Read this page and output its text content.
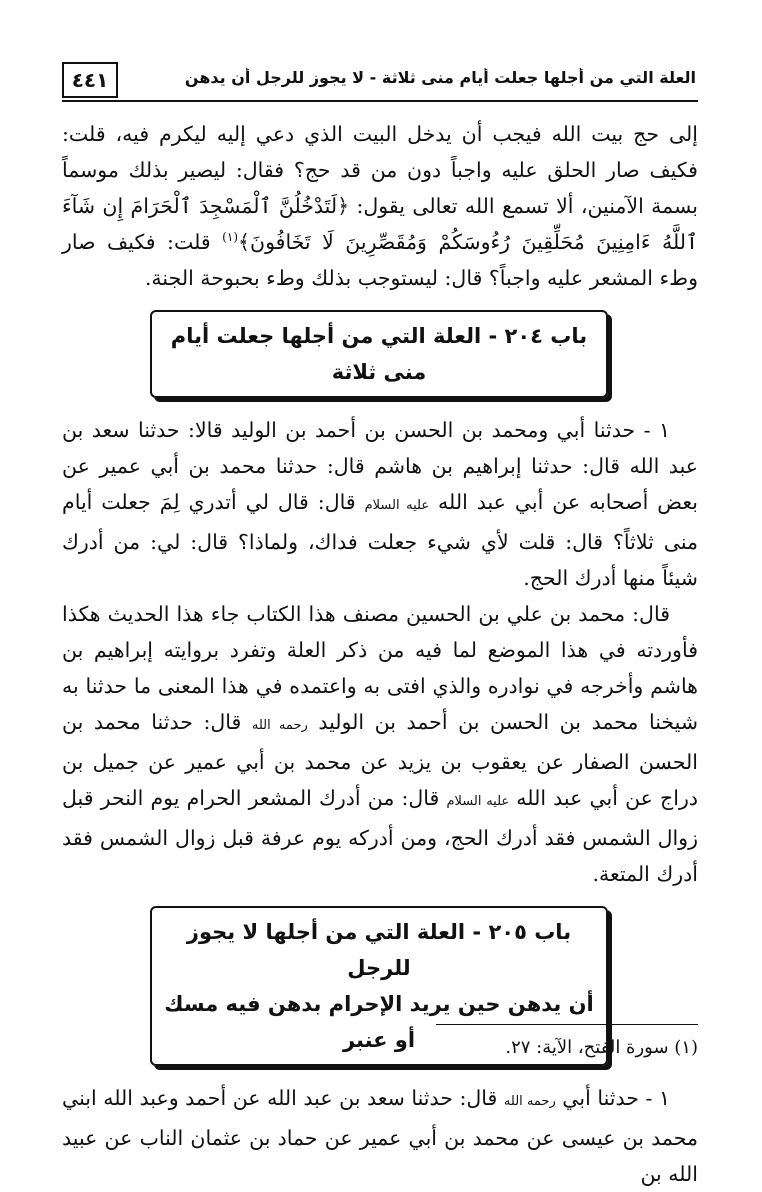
٤٤١	العلة التي من أجلها جعلت أيام منى ثلاثة - لا يجوز للرجل أن يدهن

إلى حج بيت الله فيجب أن يدخل البيت الذي دعي إليه ليكرم فيه، قلت: فكيف صار الحلق عليه واجباً دون من قد حج؟ فقال: ليصير بذلك موسماً بسمة الآمنين، ألا تسمع الله تعالى يقول: ﴿لَتَدْخُلُنَّ ٱلْمَسْجِدَ ٱلْحَرَامَ إِن شَآءَ ٱللَّهُ ءَامِنِينَ مُحَلِّقِينَ رُءُوسَكُمْ وَمُقَصِّرِينَ لَا تَخَافُونَ﴾$^{(١)}$ قلت: فكيف صار وطء المشعر عليه واجباً؟ قال: ليستوجب بذلك وطء بحبوحة الجنة.

باب ٢٠٤ - العلة التي من أجلها جعلت أيام منى ثلاثة

١ - حدثنا أبي ومحمد بن الحسن بن أحمد بن الوليد قالا: حدثنا سعد بن عبد الله قال: حدثنا إبراهيم بن هاشم قال: حدثنا محمد بن أبي عمير عن بعض أصحابه عن أبي عبد الله عليه السلام قال: قال لي أتدري لِمَ جعلت أيام منى ثلاثاً؟ قال: قلت لأي شيء جعلت فداك، ولماذا؟ قال: لي: من أدرك شيئاً منها أدرك الحج.

قال: محمد بن علي بن الحسين مصنف هذا الكتاب جاء هذا الحديث هكذا فأوردته في هذا الموضع لما فيه من ذكر العلة وتفرد بروايته إبراهيم بن هاشم وأخرجه في نوادره والذي افتى به واعتمده في هذا المعنى ما حدثنا به شيخنا محمد بن الحسن بن أحمد بن الوليد رحمه الله قال: حدثنا محمد بن الحسن الصفار عن يعقوب بن يزيد عن محمد بن أبي عمير عن جميل بن دراج عن أبي عبد الله عليه السلام قال: من أدرك المشعر الحرام يوم النحر قبل زوال الشمس فقد أدرك الحج، ومن أدركه يوم عرفة قبل زوال الشمس فقد أدرك المتعة.

باب ٢٠٥ - العلة التي من أجلها لا يجوز للرجل
أن يدهن حين يريد الإحرام بدهن فيه مسك أو عنبر

١ - حدثنا أبي رحمه الله قال: حدثنا سعد بن عبد الله عن أحمد وعبد الله ابني محمد بن عيسى عن محمد بن أبي عمير عن حماد بن عثمان الناب عن عبيد الله بن

(١) سورة الفتح، الآية: ٢٧.
